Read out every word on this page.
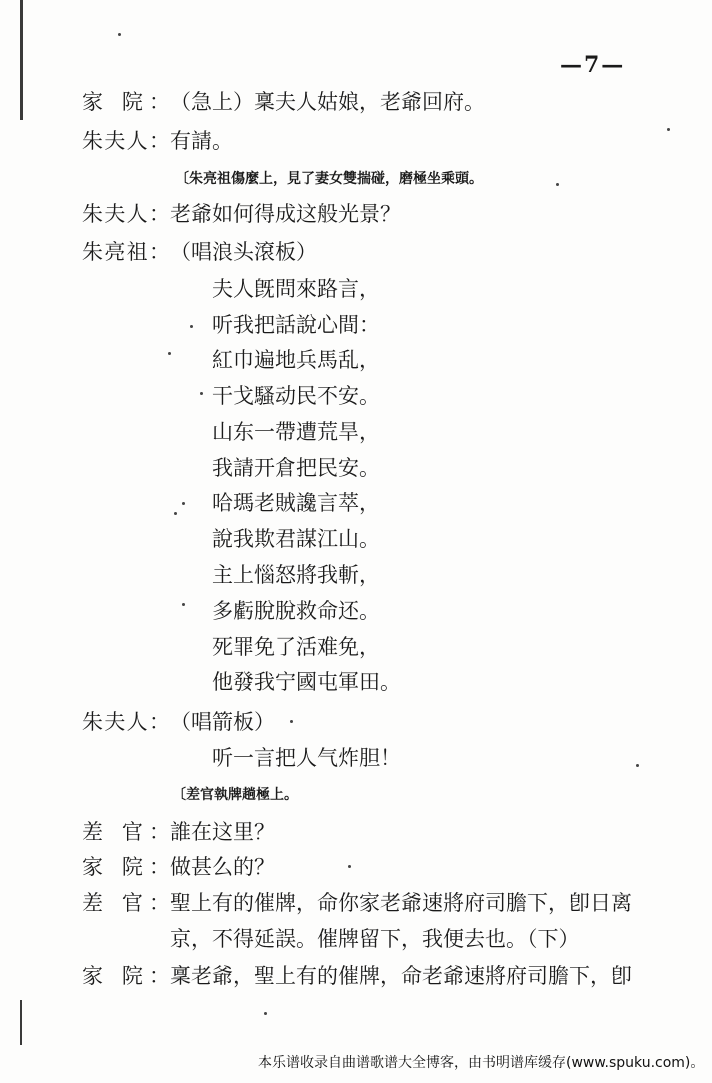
—7—
家 院： （急上）稟夫人姑娘，老爺回府。
朱夫人： 有請。
〔朱亮祖傷麼上，見了妻女雙揣碰，磨極坐乘頭。
朱夫人： 老爺如何得成这般光景？
朱亮祖： （唱浪头滾板）
夫人旣問來路言，
听我把話說心間：
紅巾遍地兵馬乱，
干戈騷动民不安。
山东一帶遭荒旱，
我請开倉把民安。
哈瑪老賊讒言萃，
說我欺君謀江山。
主上惱怒將我斬，
多虧脫脫救命还。
死罪免了活难免，
他發我宁國屯軍田。
朱夫人： （唱箭板）
听一言把人气炸胆！
〔差官執牌趟極上。
差 官： 誰在这里？
家 院： 做甚么的？
差 官： 聖上有的催牌，命你家老爺速將府司膽下，卽日离
京，不得延誤。催牌留下，我便去也。（下）
家 院： 稟老爺，聖上有的催牌，命老爺速將府司膽下，卽
本乐谱收录自曲谱歌谱大全博客，由书明谱库缓存(www.spuku.com)。
